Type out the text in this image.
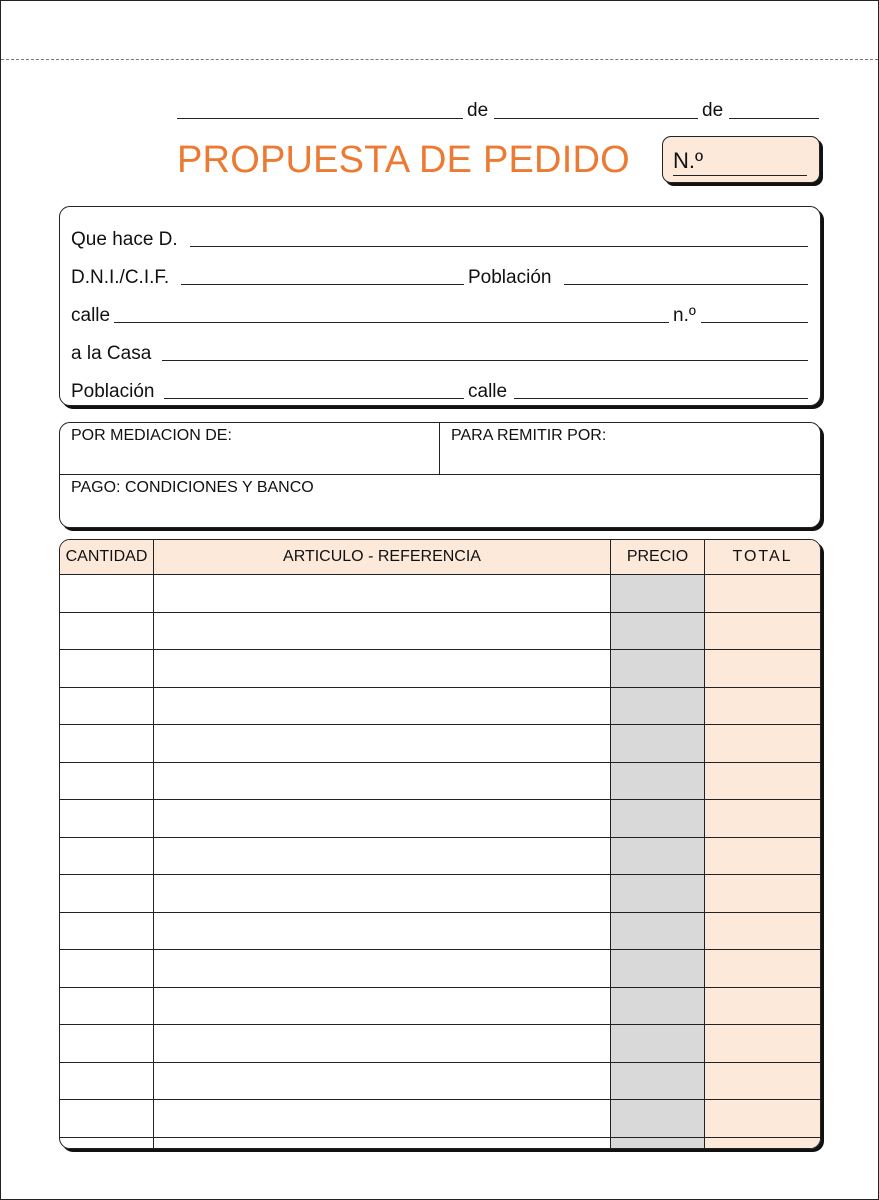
de	de
PROPUESTA DE PEDIDO N.º
Que hace D.
D.N.I./C.I.F.	Población
calle	n.º
a la Casa
Población	calle
POR MEDIACION DE:	PARA REMITIR POR:
PAGO: CONDICIONES Y BANCO
CANTIDAD	ARTICULO - REFERENCIA	PRECIO	TOTAL
